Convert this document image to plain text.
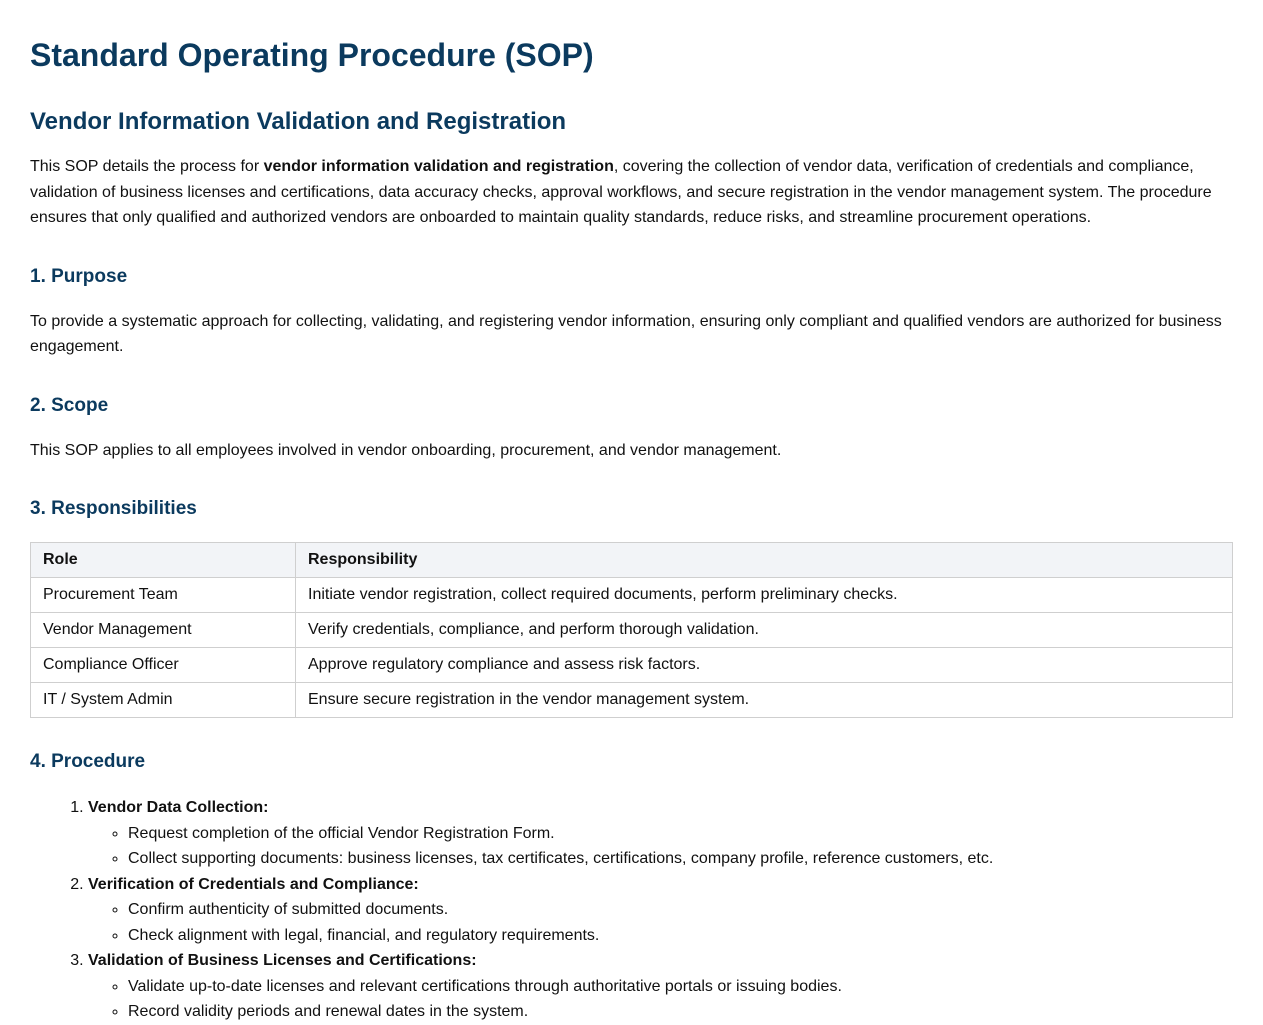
Standard Operating Procedure (SOP)
Vendor Information Validation and Registration

This SOP details the process for vendor information validation and registration, covering the collection of vendor data, verification of credentials and compliance, validation of business licenses and certifications, data accuracy checks, approval workflows, and secure registration in the vendor management system. The procedure ensures that only qualified and authorized vendors are onboarded to maintain quality standards, reduce risks, and streamline procurement operations.

1. Purpose

To provide a systematic approach for collecting, validating, and registering vendor information, ensuring only compliant and qualified vendors are authorized for business engagement.

2. Scope

This SOP applies to all employees involved in vendor onboarding, procurement, and vendor management.

3. Responsibilities
Role	Responsibility
Procurement Team	Initiate vendor registration, collect required documents, perform preliminary checks.
Vendor Management	Verify credentials, compliance, and perform thorough validation.
Compliance Officer	Approve regulatory compliance and assess risk factors.
IT / System Admin	Ensure secure registration in the vendor management system.
4. Procedure
1. Vendor Data Collection:
◦ Request completion of the official Vendor Registration Form.
◦ Collect supporting documents: business licenses, tax certificates, certifications, company profile, reference customers, etc.
2. Verification of Credentials and Compliance:
◦ Confirm authenticity of submitted documents.
◦ Check alignment with legal, financial, and regulatory requirements.
3. Validation of Business Licenses and Certifications:
◦ Validate up-to-date licenses and relevant certifications through authoritative portals or issuing bodies.
◦ Record validity periods and renewal dates in the system.
